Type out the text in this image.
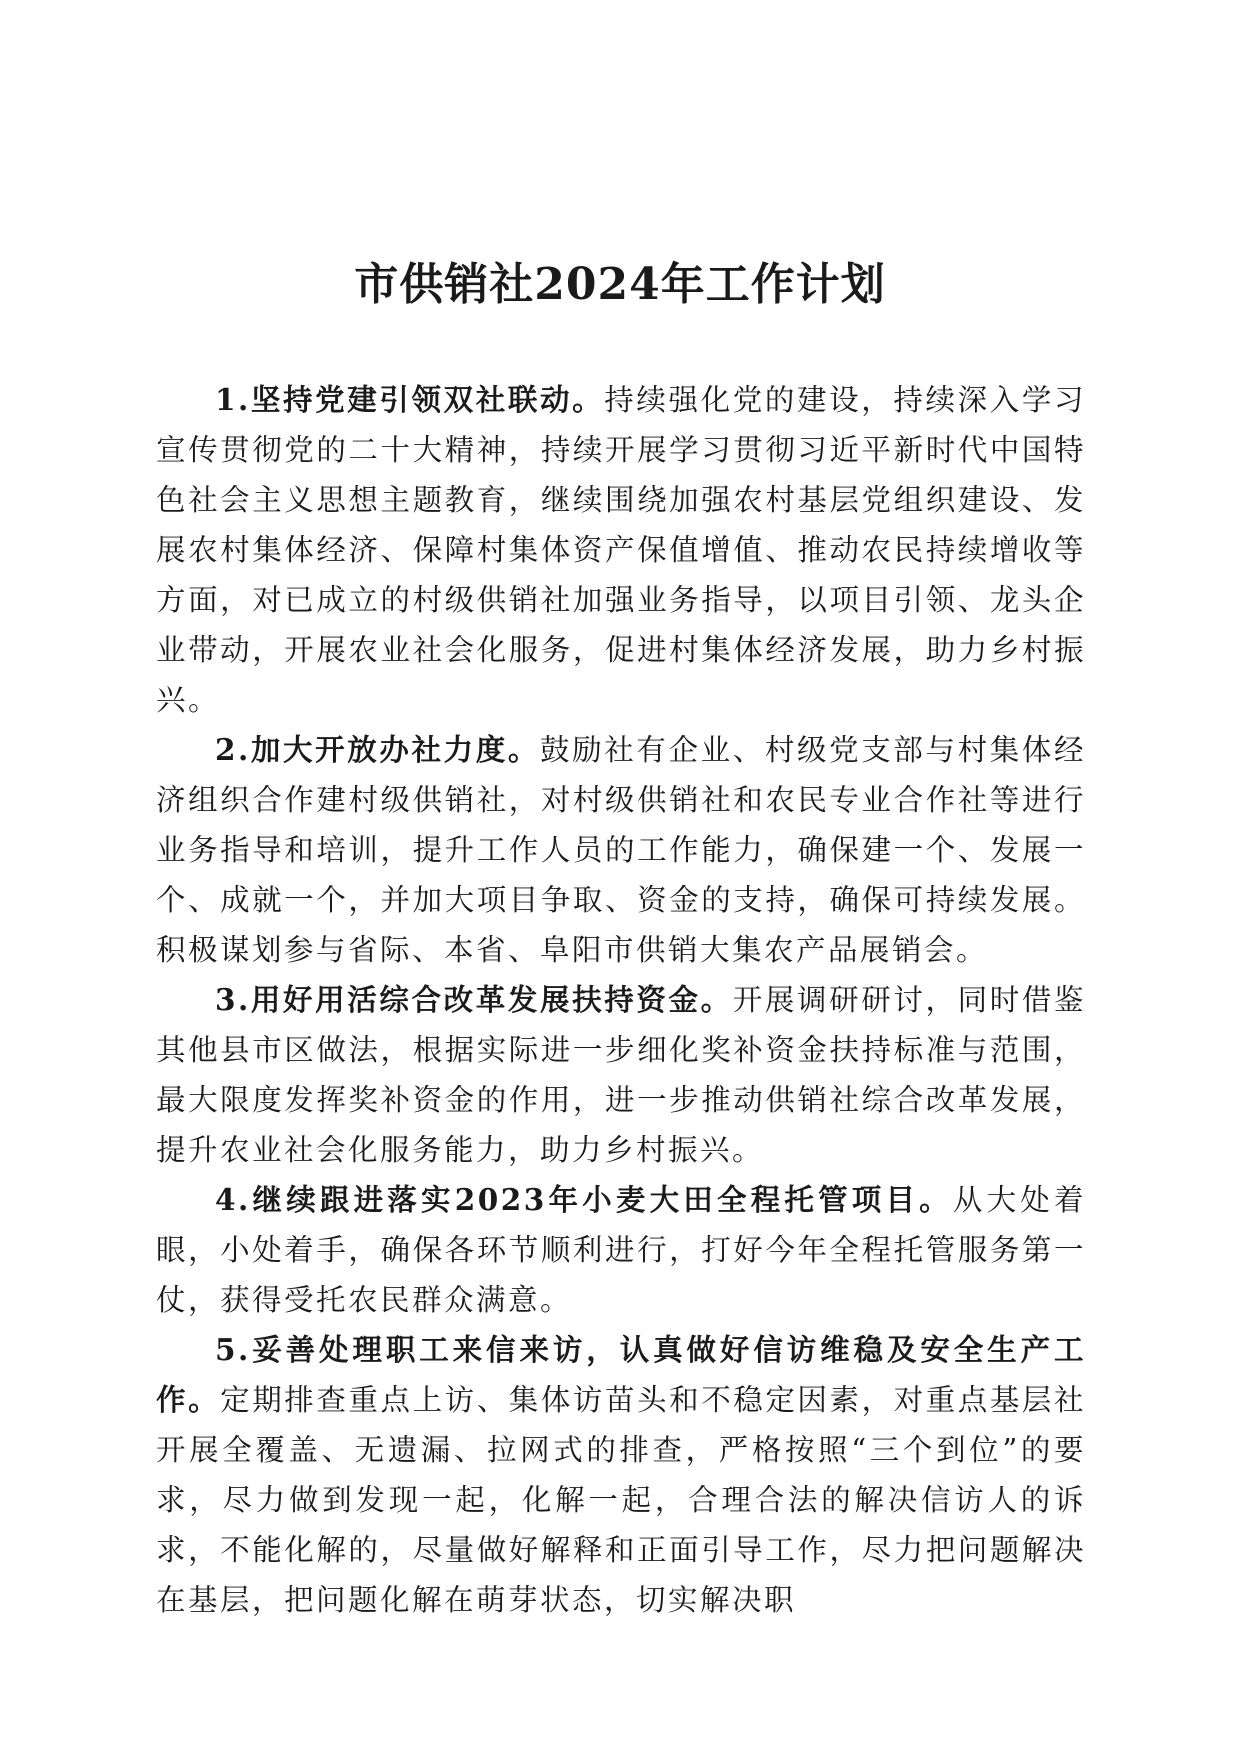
市供销社2024年工作计划

1.坚持党建引领双社联动。持续强化党的建设，持续深入学习宣传贯彻党的二十大精神，持续开展学习贯彻习近平新时代中国特色社会主义思想主题教育，继续围绕加强农村基层党组织建设、发展农村集体经济、保障村集体资产保值增值、推动农民持续增收等方面，对已成立的村级供销社加强业务指导，以项目引领、龙头企业带动，开展农业社会化服务，促进村集体经济发展，助力乡村振兴。

2.加大开放办社力度。鼓励社有企业、村级党支部与村集体经济组织合作建村级供销社，对村级供销社和农民专业合作社等进行业务指导和培训，提升工作人员的工作能力，确保建一个、发展一个、成就一个，并加大项目争取、资金的支持，确保可持续发展。积极谋划参与省际、本省、阜阳市供销大集农产品展销会。

3.用好用活综合改革发展扶持资金。开展调研研讨，同时借鉴其他县市区做法，根据实际进一步细化奖补资金扶持标准与范围，最大限度发挥奖补资金的作用，进一步推动供销社综合改革发展，提升农业社会化服务能力，助力乡村振兴。

4.继续跟进落实2023年小麦大田全程托管项目。从大处着眼，小处着手，确保各环节顺利进行，打好今年全程托管服务第一仗，获得受托农民群众满意。

5.妥善处理职工来信来访，认真做好信访维稳及安全生产工作。定期排查重点上访、集体访苗头和不稳定因素，对重点基层社开展全覆盖、无遗漏、拉网式的排查，严格按照“三个到位”的要求，尽力做到发现一起，化解一起，合理合法的解决信访人的诉求，不能化解的，尽量做好解释和正面引导工作，尽力把问题解决在基层，把问题化解在萌芽状态，切实解决职
